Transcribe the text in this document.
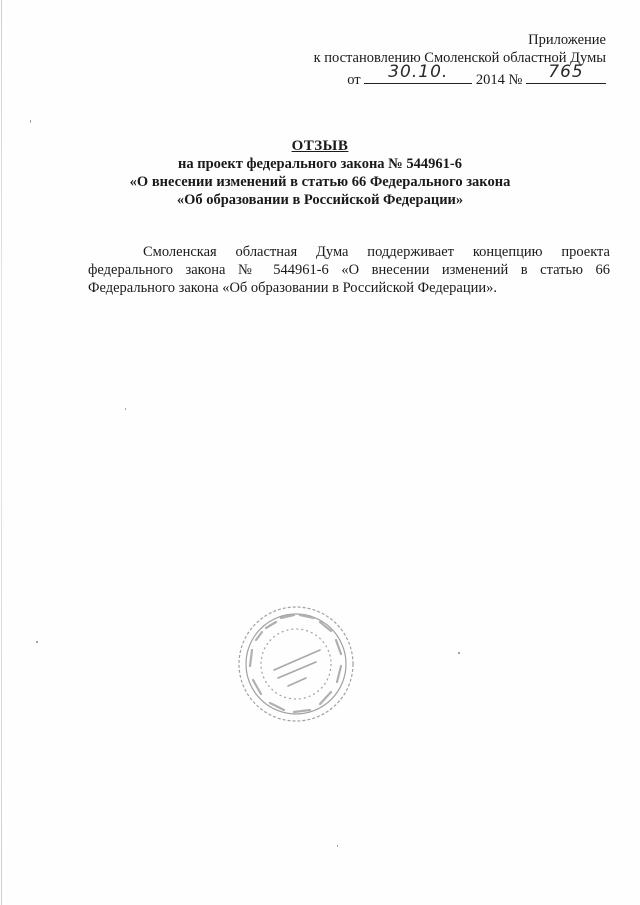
Приложение
к постановлению Смоленской областной Думы
от	30.10.	2014 №	765
ОТЗЫВ
на проект федерального закона № 544961-6
«О внесении изменений в статью 66 Федерального закона
«Об образовании в Российской Федерации»
Смоленская областная Дума поддерживает концепцию проекта федерального закона № 544961-6 «О внесении изменений в статью 66 Федерального закона «Об образовании в Российской Федерации».
